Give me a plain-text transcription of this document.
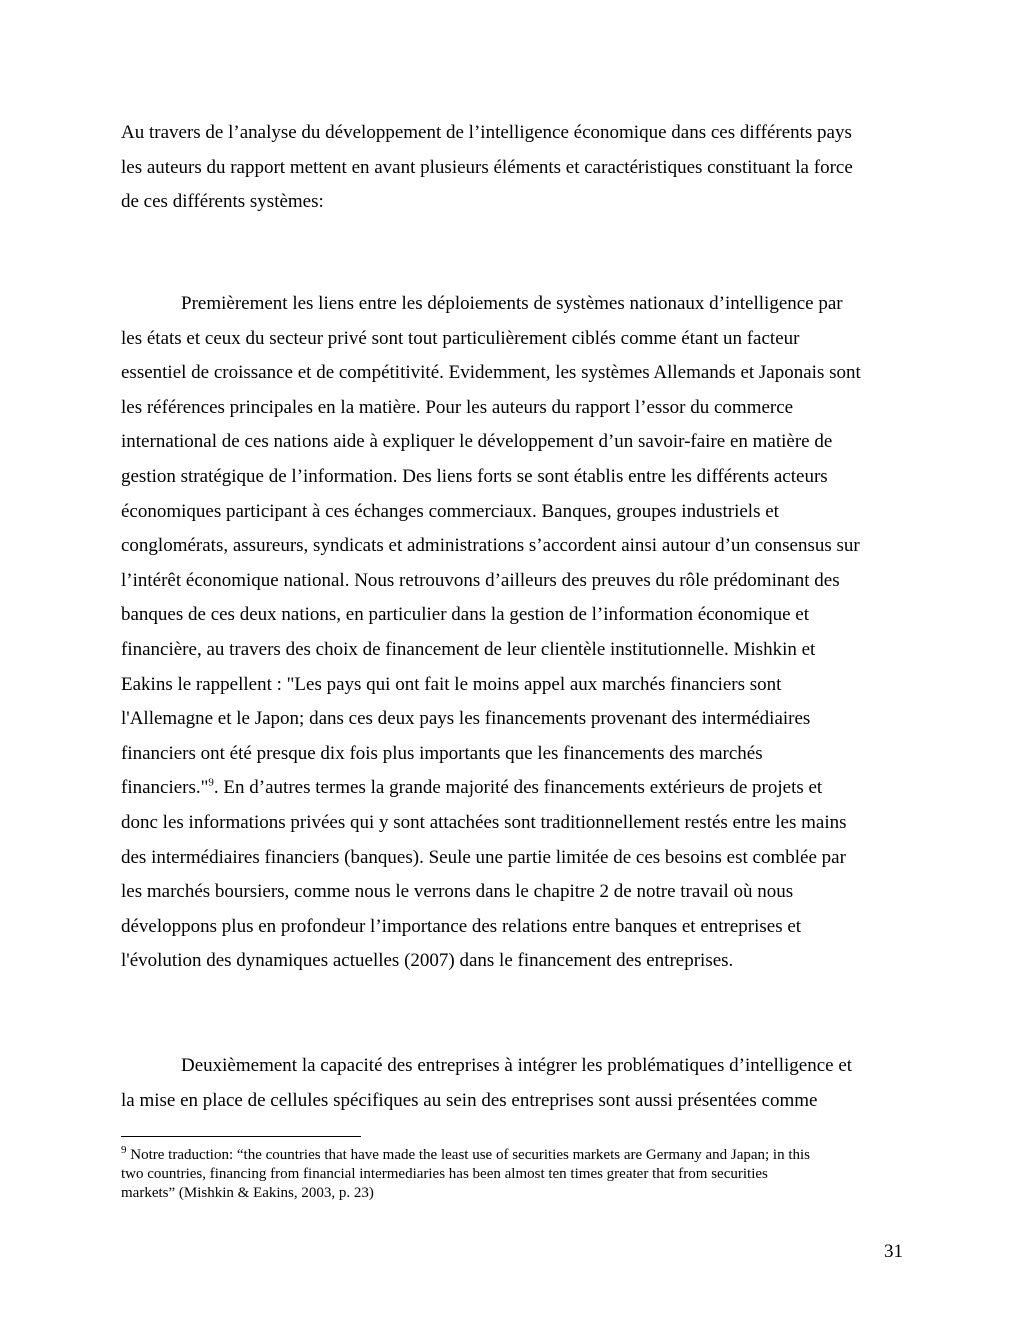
Au travers de l’analyse du développement de l’intelligence économique dans ces différents pays
les auteurs du rapport mettent en avant plusieurs éléments et caractéristiques constituant la force
de ces différents systèmes:
Premièrement les liens entre les déploiements de systèmes nationaux d’intelligence par
les états et ceux du secteur privé sont tout particulièrement ciblés comme étant un facteur
essentiel de croissance et de compétitivité. Evidemment, les systèmes Allemands et Japonais sont
les références principales en la matière. Pour les auteurs du rapport l’essor du commerce
international de ces nations aide à expliquer le développement d’un savoir-faire en matière de
gestion stratégique de l’information. Des liens forts se sont établis entre les différents acteurs
économiques participant à ces échanges commerciaux. Banques, groupes industriels et
conglomérats, assureurs, syndicats et administrations s’accordent ainsi autour d’un consensus sur
l’intérêt économique national. Nous retrouvons d’ailleurs des preuves du rôle prédominant des
banques de ces deux nations, en particulier dans la gestion de l’information économique et
financière, au travers des choix de financement de leur clientèle institutionnelle. Mishkin et
Eakins le rappellent : "Les pays qui ont fait le moins appel aux marchés financiers sont
l'Allemagne et le Japon; dans ces deux pays les financements provenant des intermédiaires
financiers ont été presque dix fois plus importants que les financements des marchés
financiers."$^9$. En d’autres termes la grande majorité des financements extérieurs de projets et
donc les informations privées qui y sont attachées sont traditionnellement restés entre les mains
des intermédiaires financiers (banques). Seule une partie limitée de ces besoins est comblée par
les marchés boursiers, comme nous le verrons dans le chapitre 2 de notre travail où nous
développons plus en profondeur l’importance des relations entre banques et entreprises et
l'évolution des dynamiques actuelles (2007) dans le financement des entreprises.
Deuxièmement la capacité des entreprises à intégrer les problématiques d’intelligence et
la mise en place de cellules spécifiques au sein des entreprises sont aussi présentées comme
$^9$ Notre traduction: “the countries that have made the least use of securities markets are Germany and Japan; in this
two countries, financing from financial intermediaries has been almost ten times greater that from securities
markets” (Mishkin & Eakins, 2003, p. 23)
31
